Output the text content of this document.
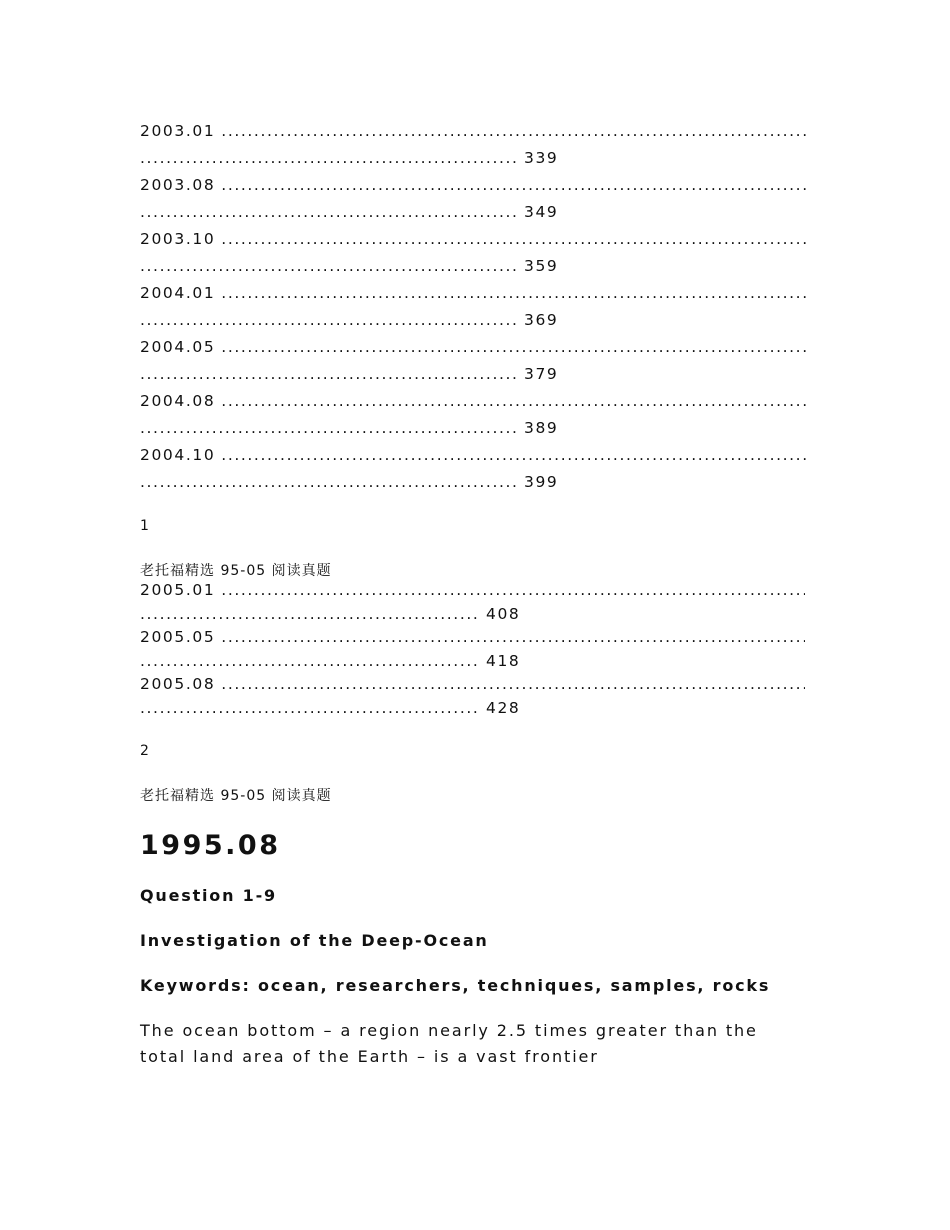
2003.01
.....
.....339
2003.08
.....
.....349
2003.10
.....
.....359
2004.01
.....
.....369
2004.05
.....
.....379
2004.08
.....
.....389
2004.10
.....
.....399
1
老托福精选 95-05 阅读真题
2005.01
.....
.....408
2005.05
.....
.....418
2005.08
.....
.....428
2
老托福精选 95-05 阅读真题
1995.08
Question 1-9
Investigation of the Deep-Ocean
Keywords: ocean, researchers, techniques, samples, rocks
The ocean bottom – a region nearly 2.5 times greater than the total land area of the Earth – is a vast frontier
